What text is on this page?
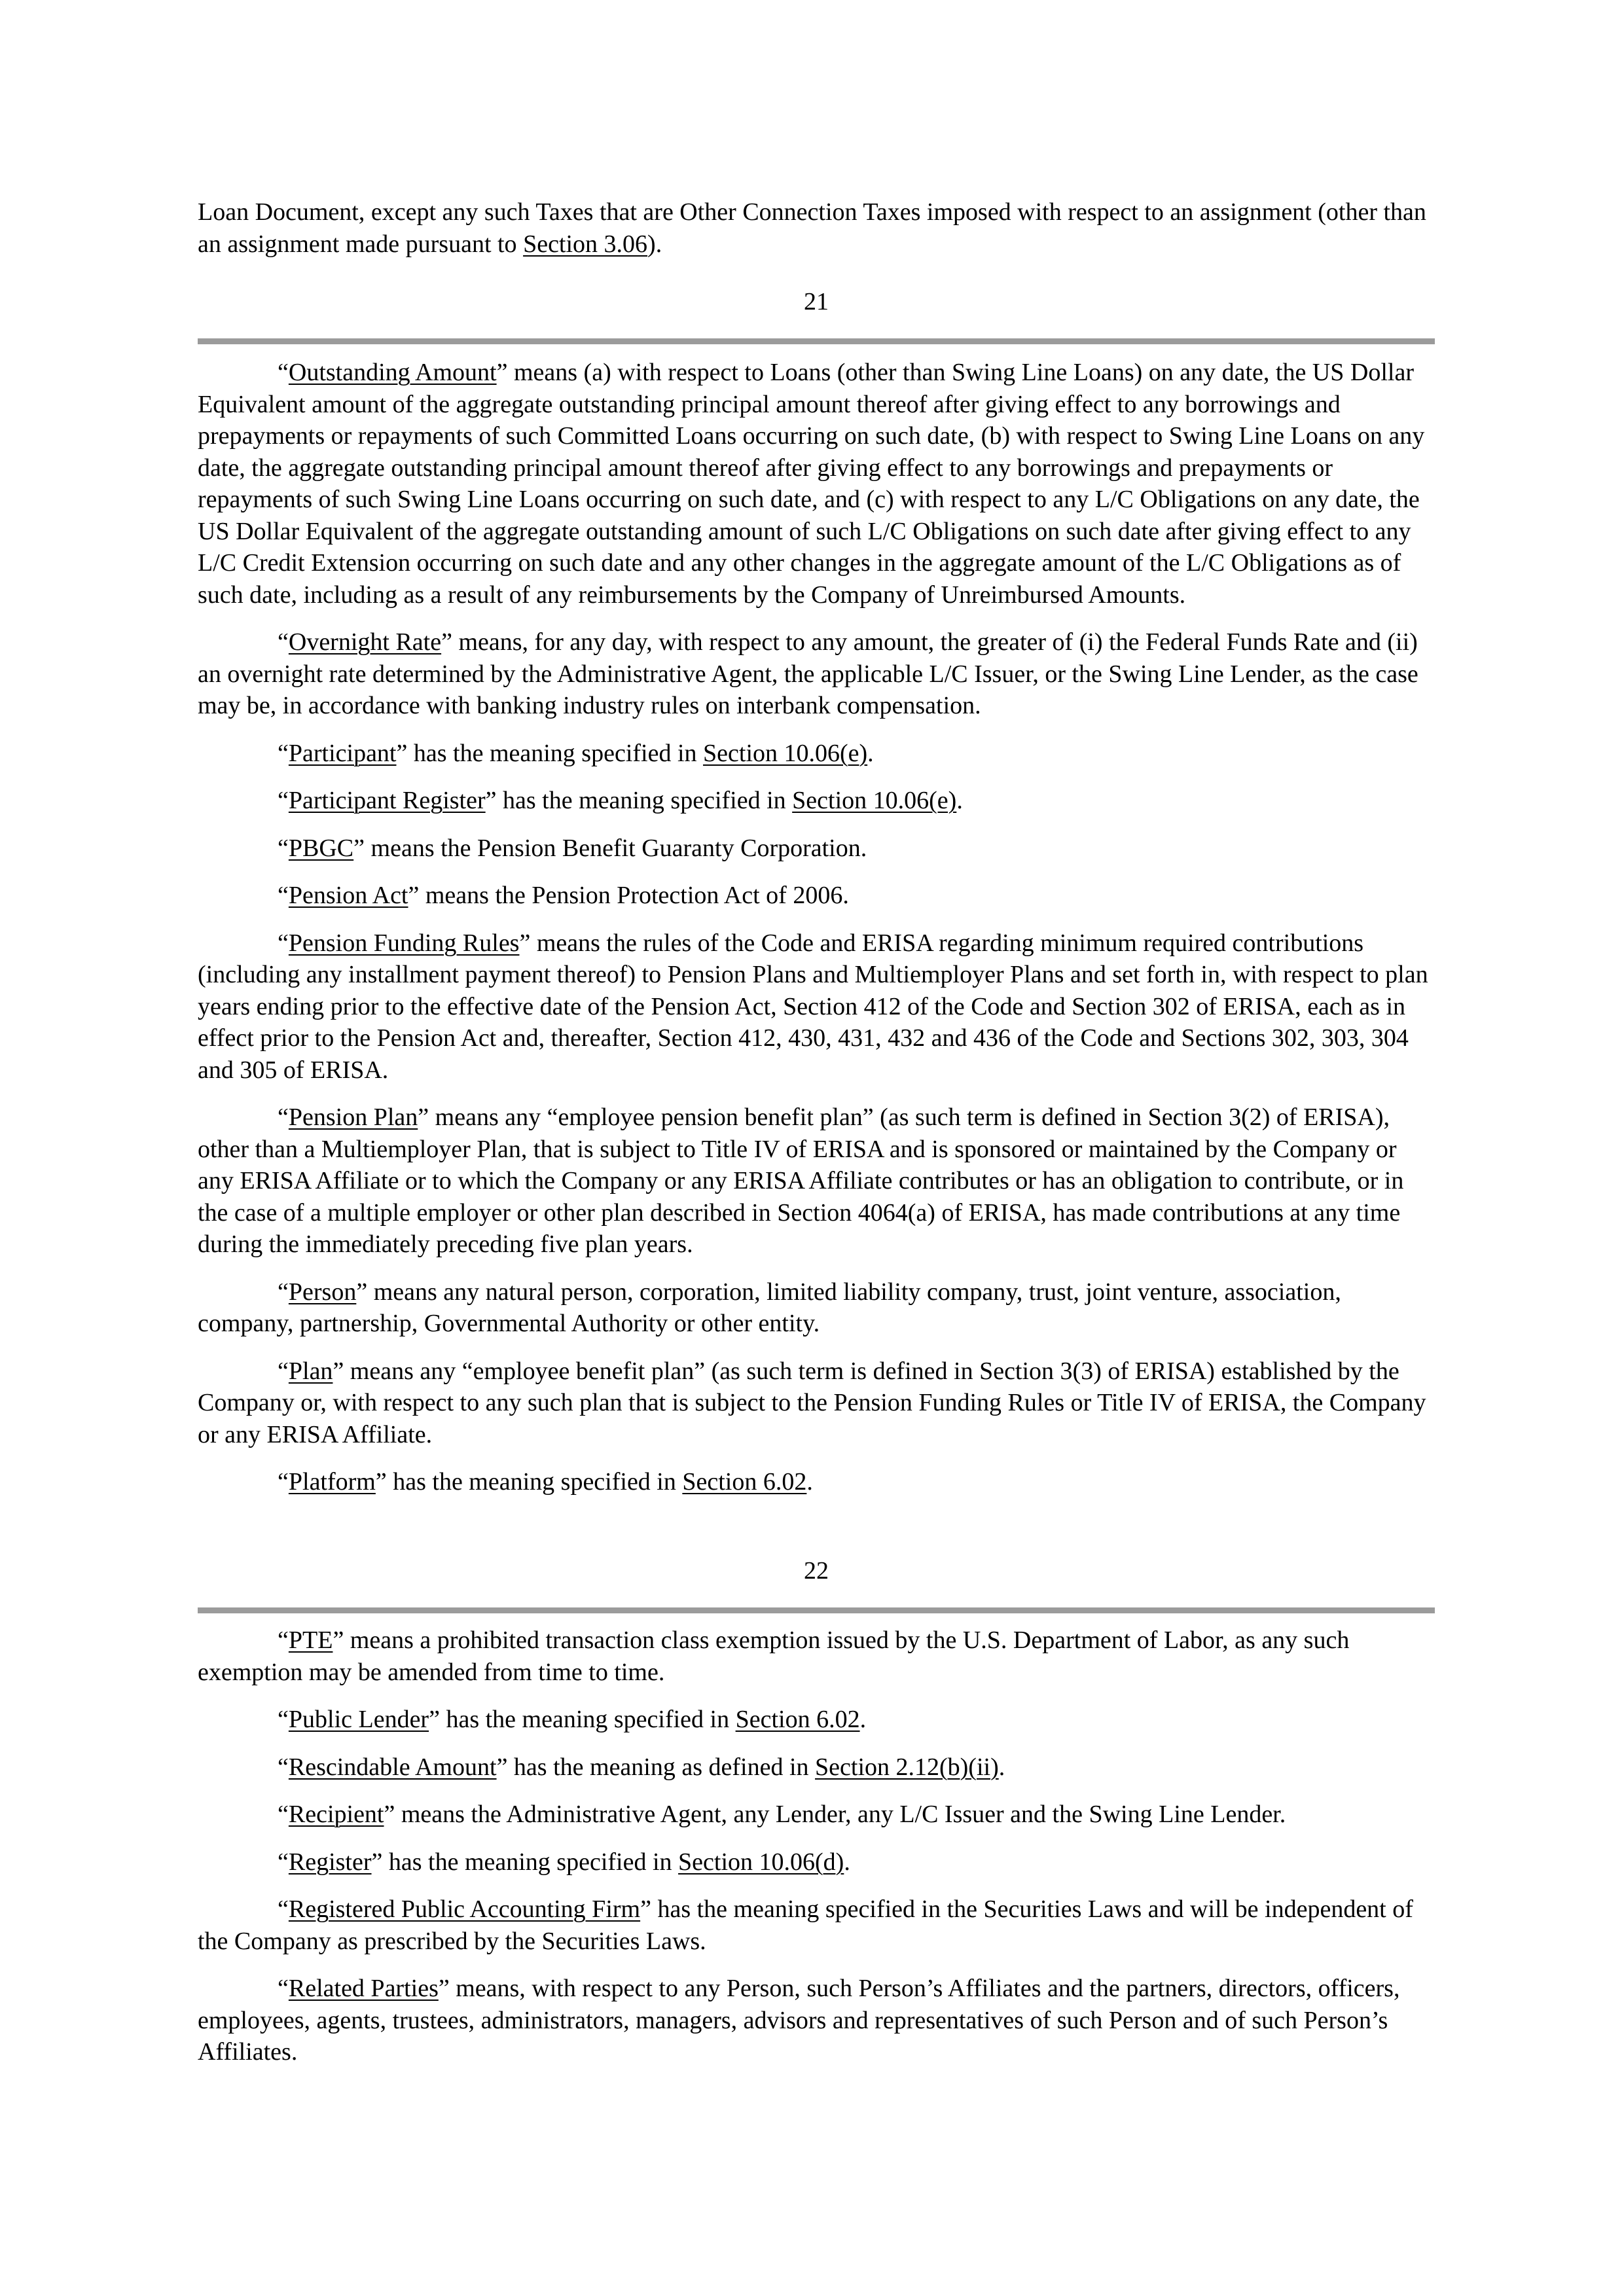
Loan Document, except any such Taxes that are Other Connection Taxes imposed with respect to an assignment (other than an assignment made pursuant to Section 3.06).

21

“Outstanding Amount” means (a) with respect to Loans (other than Swing Line Loans) on any date, the US Dollar Equivalent amount of the aggregate outstanding principal amount thereof after giving effect to any borrowings and prepayments or repayments of such Committed Loans occurring on such date, (b) with respect to Swing Line Loans on any date, the aggregate outstanding principal amount thereof after giving effect to any borrowings and prepayments or repayments of such Swing Line Loans occurring on such date, and (c) with respect to any L/C Obligations on any date, the US Dollar Equivalent of the aggregate outstanding amount of such L/C Obligations on such date after giving effect to any L/C Credit Extension occurring on such date and any other changes in the aggregate amount of the L/C Obligations as of such date, including as a result of any reimbursements by the Company of Unreimbursed Amounts.

“Overnight Rate” means, for any day, with respect to any amount, the greater of (i) the Federal Funds Rate and (ii) an overnight rate determined by the Administrative Agent, the applicable L/C Issuer, or the Swing Line Lender, as the case may be, in accordance with banking industry rules on interbank compensation.

“Participant” has the meaning specified in Section 10.06(e).

“Participant Register” has the meaning specified in Section 10.06(e).

“PBGC” means the Pension Benefit Guaranty Corporation.

“Pension Act” means the Pension Protection Act of 2006.

“Pension Funding Rules” means the rules of the Code and ERISA regarding minimum required contributions (including any installment payment thereof) to Pension Plans and Multiemployer Plans and set forth in, with respect to plan years ending prior to the effective date of the Pension Act, Section 412 of the Code and Section 302 of ERISA, each as in effect prior to the Pension Act and, thereafter, Section 412, 430, 431, 432 and 436 of the Code and Sections 302, 303, 304 and 305 of ERISA.

“Pension Plan” means any “employee pension benefit plan” (as such term is defined in Section 3(2) of ERISA), other than a Multiemployer Plan, that is subject to Title IV of ERISA and is sponsored or maintained by the Company or any ERISA Affiliate or to which the Company or any ERISA Affiliate contributes or has an obligation to contribute, or in the case of a multiple employer or other plan described in Section 4064(a) of ERISA, has made contributions at any time during the immediately preceding five plan years.

“Person” means any natural person, corporation, limited liability company, trust, joint venture, association, company, partnership, Governmental Authority or other entity.

“Plan” means any “employee benefit plan” (as such term is defined in Section 3(3) of ERISA) established by the Company or, with respect to any such plan that is subject to the Pension Funding Rules or Title IV of ERISA, the Company or any ERISA Affiliate.

“Platform” has the meaning specified in Section 6.02.

22

“PTE” means a prohibited transaction class exemption issued by the U.S. Department of Labor, as any such exemption may be amended from time to time.

“Public Lender” has the meaning specified in Section 6.02.

“Rescindable Amount” has the meaning as defined in Section 2.12(b)(ii).

“Recipient” means the Administrative Agent, any Lender, any L/C Issuer and the Swing Line Lender.

“Register” has the meaning specified in Section 10.06(d).

“Registered Public Accounting Firm” has the meaning specified in the Securities Laws and will be independent of the Company as prescribed by the Securities Laws.

“Related Parties” means, with respect to any Person, such Person’s Affiliates and the partners, directors, officers, employees, agents, trustees, administrators, managers, advisors and representatives of such Person and of such Person’s Affiliates.
